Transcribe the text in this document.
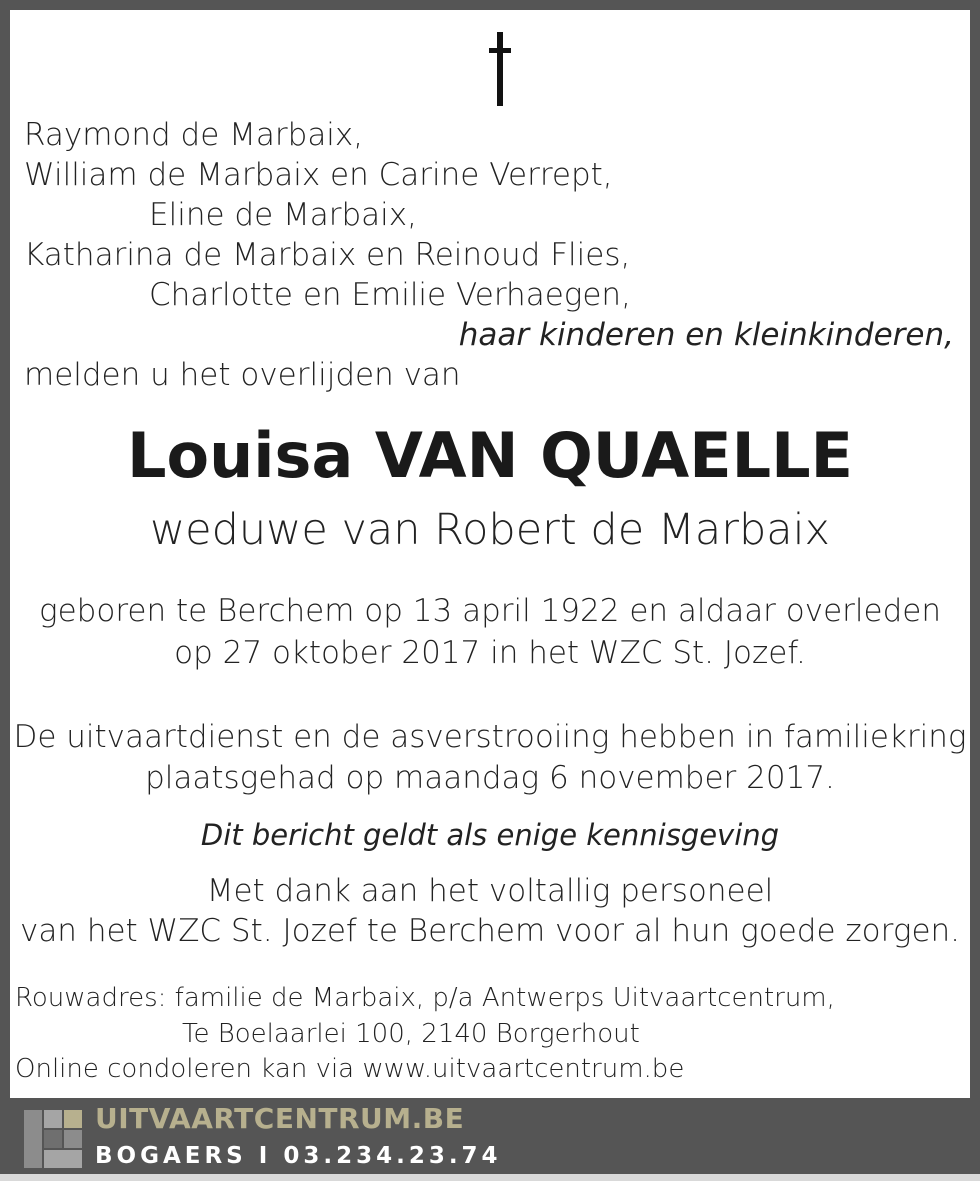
Raymond de Marbaix,
William de Marbaix en Carine Verrept,
Eline de Marbaix,
Katharina de Marbaix en Reinoud Flies,
Charlotte en Emilie Verhaegen,
haar kinderen en kleinkinderen,
melden u het overlijden van
Louisa VAN QUAELLE
weduwe van Robert de Marbaix
geboren te Berchem op 13 april 1922 en aldaar overleden
op 27 oktober 2017 in het WZC St. Jozef.
De uitvaartdienst en de asverstrooiing hebben in familiekring
plaatsgehad op maandag 6 november 2017.
Dit bericht geldt als enige kennisgeving
Met dank aan het voltallig personeel
van het WZC St. Jozef te Berchem voor al hun goede zorgen.
Rouwadres: familie de Marbaix, p/a Antwerps Uitvaartcentrum,
Te Boelaarlei 100, 2140 Borgerhout
Online condoleren kan via www.uitvaartcentrum.be
UITVAARTCENTRUM.BE
BOGAERS I 03.234.23.74
